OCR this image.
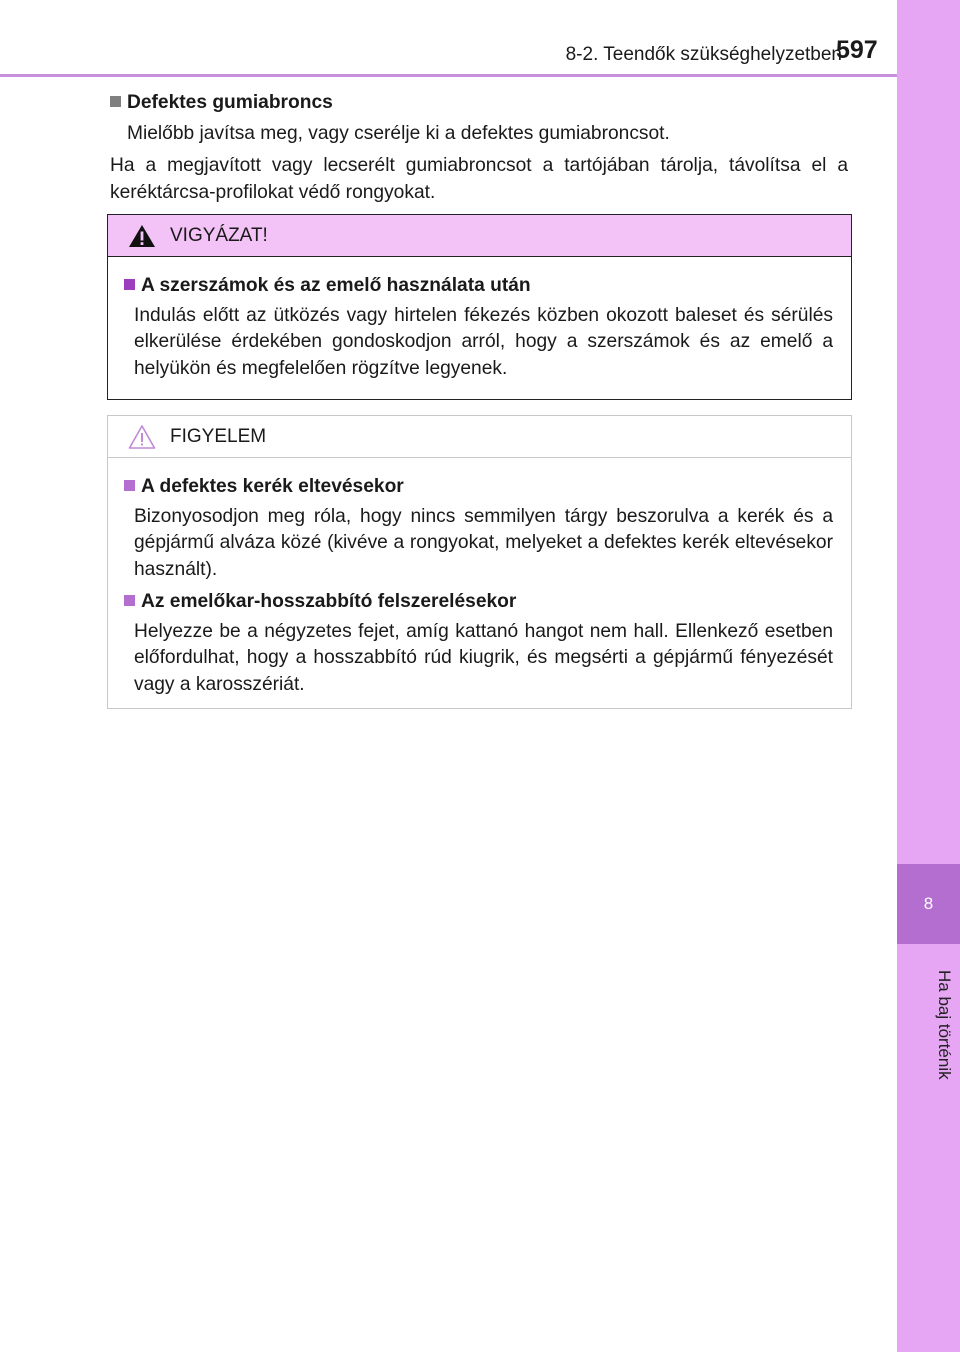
8
Ha baj történik
8-2. Teendők szükséghelyzetben
597
Defektes gumiabroncs
Mielőbb javítsa meg, vagy cserélje ki a defektes gumiabroncsot.
Ha a megjavított vagy lecserélt gumiabroncsot a tartójában tárolja, távolítsa el a keréktárcsa-profilokat védő rongyokat.
VIGYÁZAT!
A szerszámok és az emelő használata után
Indulás előtt az ütközés vagy hirtelen fékezés közben okozott baleset és sérülés elkerülése érdekében gondoskodjon arról, hogy a szerszámok és az emelő a helyükön és megfelelően rögzítve legyenek.
FIGYELEM
A defektes kerék eltevésekor
Bizonyosodjon meg róla, hogy nincs semmilyen tárgy beszorulva a kerék és a gépjármű alváza közé (kivéve a rongyokat, melyeket a defektes kerék eltevésekor használt).
Az emelőkar-hosszabbító felszerelésekor
Helyezze be a négyzetes fejet, amíg kattanó hangot nem hall. Ellenkező esetben előfordulhat, hogy a hosszabbító rúd kiugrik, és megsérti a gépjármű fényezését vagy a karosszériát.
